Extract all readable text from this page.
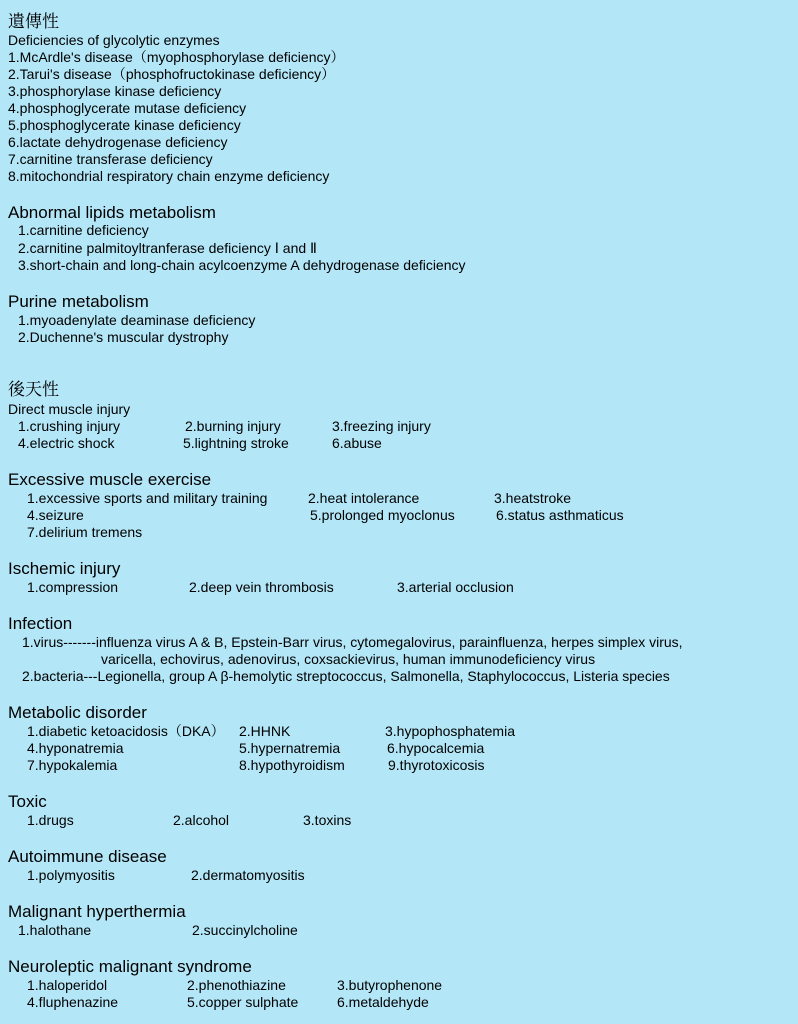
遺傳性
Deficiencies of glycolytic enzymes
1.McArdle's disease（myophosphorylase deficiency）
2.Tarui's disease（phosphofructokinase deficiency）
3.phosphorylase kinase deficiency
4.phosphoglycerate mutase deficiency
5.phosphoglycerate kinase deficiency
6.lactate dehydrogenase deficiency
7.carnitine transferase deficiency
8.mitochondrial respiratory chain enzyme deficiency
Abnormal lipids metabolism
1.carnitine deficiency
2.carnitine palmitoyltranferase deficiency Ⅰ and Ⅱ
3.short-chain and long-chain acylcoenzyme A dehydrogenase deficiency
Purine metabolism
1.myoadenylate deaminase deficiency
2.Duchenne's muscular dystrophy
後天性
Direct muscle injury
1.crushing injury	2.burning injury	3.freezing injury
4.electric shock	5.lightning stroke	6.abuse
Excessive muscle exercise
1.excessive sports and military training	2.heat intolerance	3.heatstroke
4.seizure	5.prolonged myoclonus	6.status asthmaticus
7.delirium tremens
Ischemic injury
1.compression	2.deep vein thrombosis	3.arterial occlusion
Infection
1.virus-------influenza virus A & B, Epstein-Barr virus, cytomegalovirus, parainfluenza, herpes simplex virus,
varicella, echovirus, adenovirus, coxsackievirus, human immunodeficiency virus
2.bacteria---Legionella, group A β-hemolytic streptococcus, Salmonella, Staphylococcus, Listeria species
Metabolic disorder
1.diabetic ketoacidosis（DKA） 2.HHNK	3.hypophosphatemia
4.hyponatremia	5.hypernatremia	6.hypocalcemia
7.hypokalemia	8.hypothyroidism	9.thyrotoxicosis
Toxic
1.drugs	2.alcohol	3.toxins
Autoimmune disease
1.polymyositis	2.dermatomyositis
Malignant hyperthermia
1.halothane	2.succinylcholine
Neuroleptic malignant syndrome
1.haloperidol	2.phenothiazine	3.butyrophenone
4.fluphenazine	5.copper sulphate	6.metaldehyde
